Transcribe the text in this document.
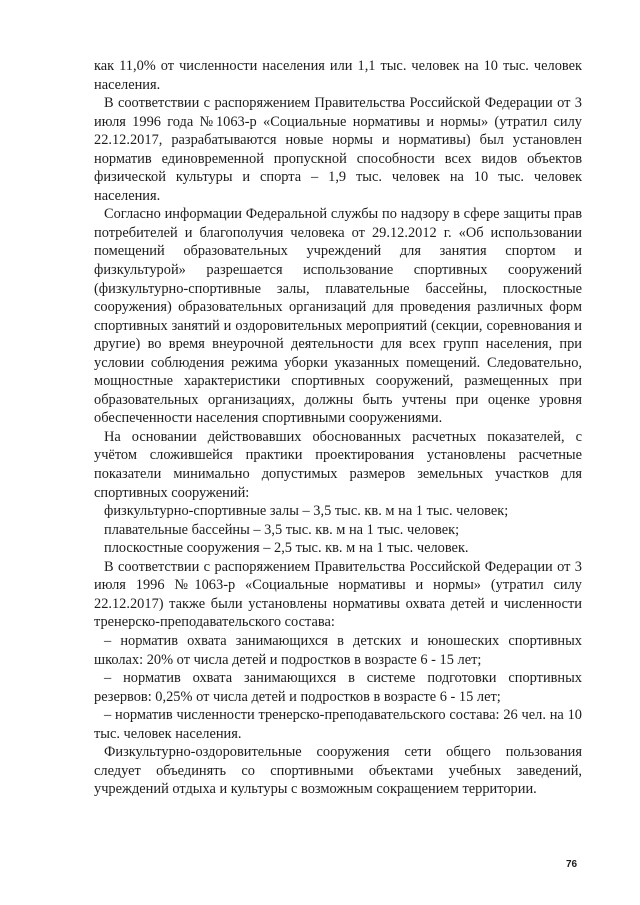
как 11,0% от численности населения или 1,1 тыс. человек на 10 тыс. человек населения.

В соответствии с распоряжением Правительства Российской Федерации от 3 июля 1996 года №1063-р «Социальные нормативы и нормы» (утратил силу 22.12.2017, разрабатываются новые нормы и нормативы) был установлен норматив единовременной пропускной способности всех видов объектов физической культуры и спорта – 1,9 тыс. человек на 10 тыс. человек населения.

Согласно информации Федеральной службы по надзору в сфере защиты прав потребителей и благополучия человека от 29.12.2012 г. «Об использовании помещений образовательных учреждений для занятия спортом и физкультурой» разрешается использование спортивных сооружений (физкультурно-спортивные залы, плавательные бассейны, плоскостные сооружения) образовательных организаций для проведения различных форм спортивных занятий и оздоровительных мероприятий (секции, соревнования и другие) во время внеурочной деятельности для всех групп населения, при условии соблюдения режима уборки указанных помещений. Следовательно, мощностные характеристики спортивных сооружений, размещенных при образовательных организациях, должны быть учтены при оценке уровня обеспеченности населения спортивными сооружениями.

На основании действовавших обоснованных расчетных показателей, с учётом сложившейся практики проектирования установлены расчетные показатели минимально допустимых размеров земельных участков для спортивных сооружений:

физкультурно-спортивные залы – 3,5 тыс. кв. м на 1 тыс. человек;

плавательные бассейны – 3,5 тыс. кв. м на 1 тыс. человек;

плоскостные сооружения – 2,5 тыс. кв. м на 1 тыс. человек.

В соответствии с распоряжением Правительства Российской Федерации от 3 июля 1996 №1063-р «Социальные нормативы и нормы» (утратил силу 22.12.2017) также были установлены нормативы охвата детей и численности тренерско-преподавательского состава:

– норматив охвата занимающихся в детских и юношеских спортивных школах: 20% от числа детей и подростков в возрасте 6 - 15 лет;

– норматив охвата занимающихся в системе подготовки спортивных резервов: 0,25% от числа детей и подростков в возрасте 6 - 15 лет;

– норматив численности тренерско-преподавательского состава: 26 чел. на 10 тыс. человек населения.

Физкультурно-оздоровительные сооружения сети общего пользования следует объединять со спортивными объектами учебных заведений, учреждений отдыха и культуры с возможным сокращением территории.

76
